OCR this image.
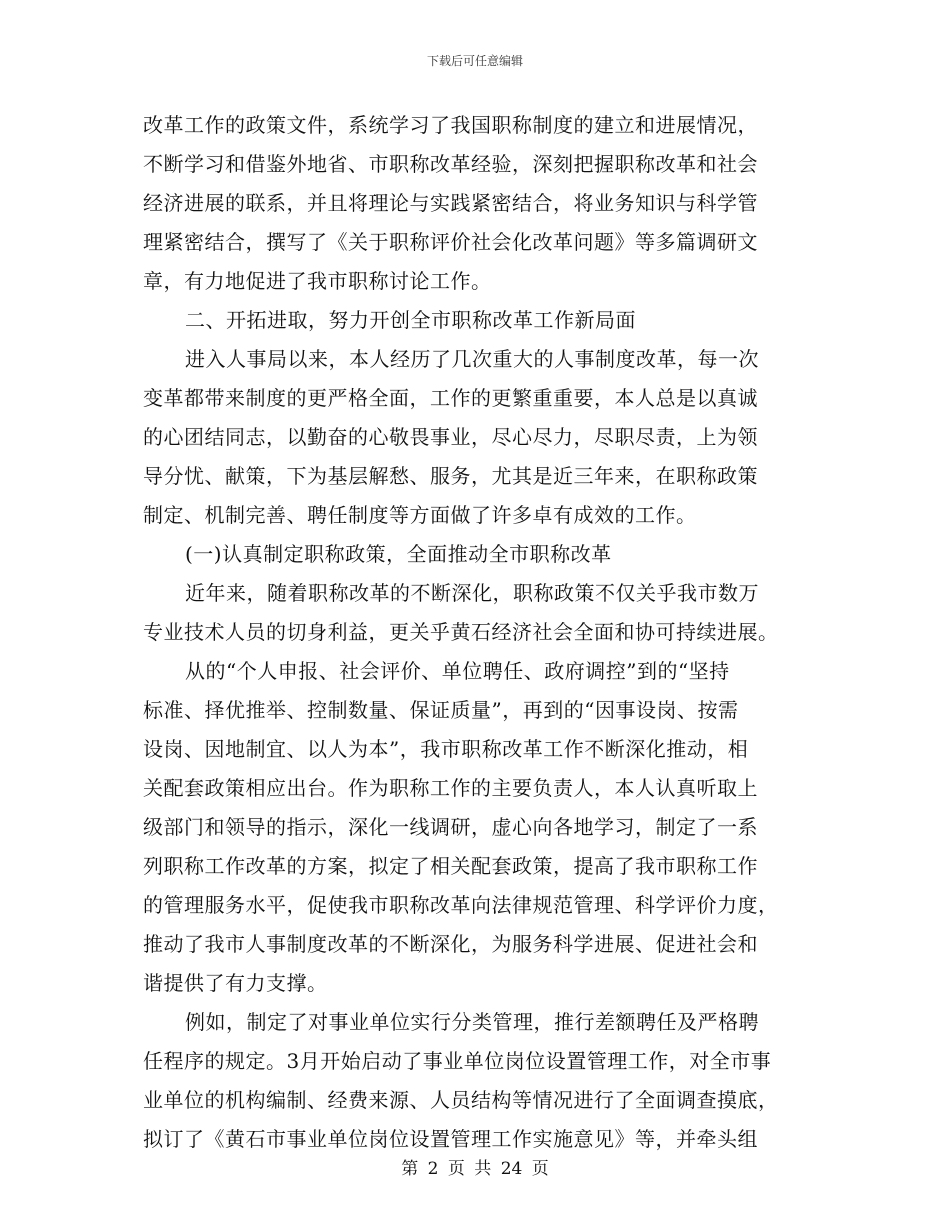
下载后可任意编辑
改革工作的政策文件，系统学习了我国职称制度的建立和进展情况，
不断学习和借鉴外地省、市职称改革经验，深刻把握职称改革和社会
经济进展的联系，并且将理论与实践紧密结合，将业务知识与科学管
理紧密结合，撰写了《关于职称评价社会化改革问题》等多篇调研文
章，有力地促进了我市职称讨论工作。
二、开拓进取，努力开创全市职称改革工作新局面
进入人事局以来，本人经历了几次重大的人事制度改革，每一次
变革都带来制度的更严格全面，工作的更繁重重要，本人总是以真诚
的心团结同志，以勤奋的心敬畏事业，尽心尽力，尽职尽责，上为领
导分忧、献策，下为基层解愁、服务，尤其是近三年来，在职称政策
制定、机制完善、聘任制度等方面做了许多卓有成效的工作。
(一)认真制定职称政策，全面推动全市职称改革
近年来，随着职称改革的不断深化，职称政策不仅关乎我市数万
专业技术人员的切身利益，更关乎黄石经济社会全面和协可持续进展。
从的“个人申报、社会评价、单位聘任、政府调控”到的“坚持
标准、择优推举、控制数量、保证质量”，再到的“因事设岗、按需
设岗、因地制宜、以人为本”，我市职称改革工作不断深化推动，相
关配套政策相应出台。作为职称工作的主要负责人，本人认真听取上
级部门和领导的指示，深化一线调研，虚心向各地学习，制定了一系
列职称工作改革的方案，拟定了相关配套政策，提高了我市职称工作
的管理服务水平，促使我市职称改革向法律规范管理、科学评价力度，
推动了我市人事制度改革的不断深化，为服务科学进展、促进社会和
谐提供了有力支撑。
例如，制定了对事业单位实行分类管理，推行差额聘任及严格聘
任程序的规定。3月开始启动了事业单位岗位设置管理工作，对全市事
业单位的机构编制、经费来源、人员结构等情况进行了全面调查摸底，
拟订了《黄石市事业单位岗位设置管理工作实施意见》等，并牵头组
第 2 页 共 24 页
